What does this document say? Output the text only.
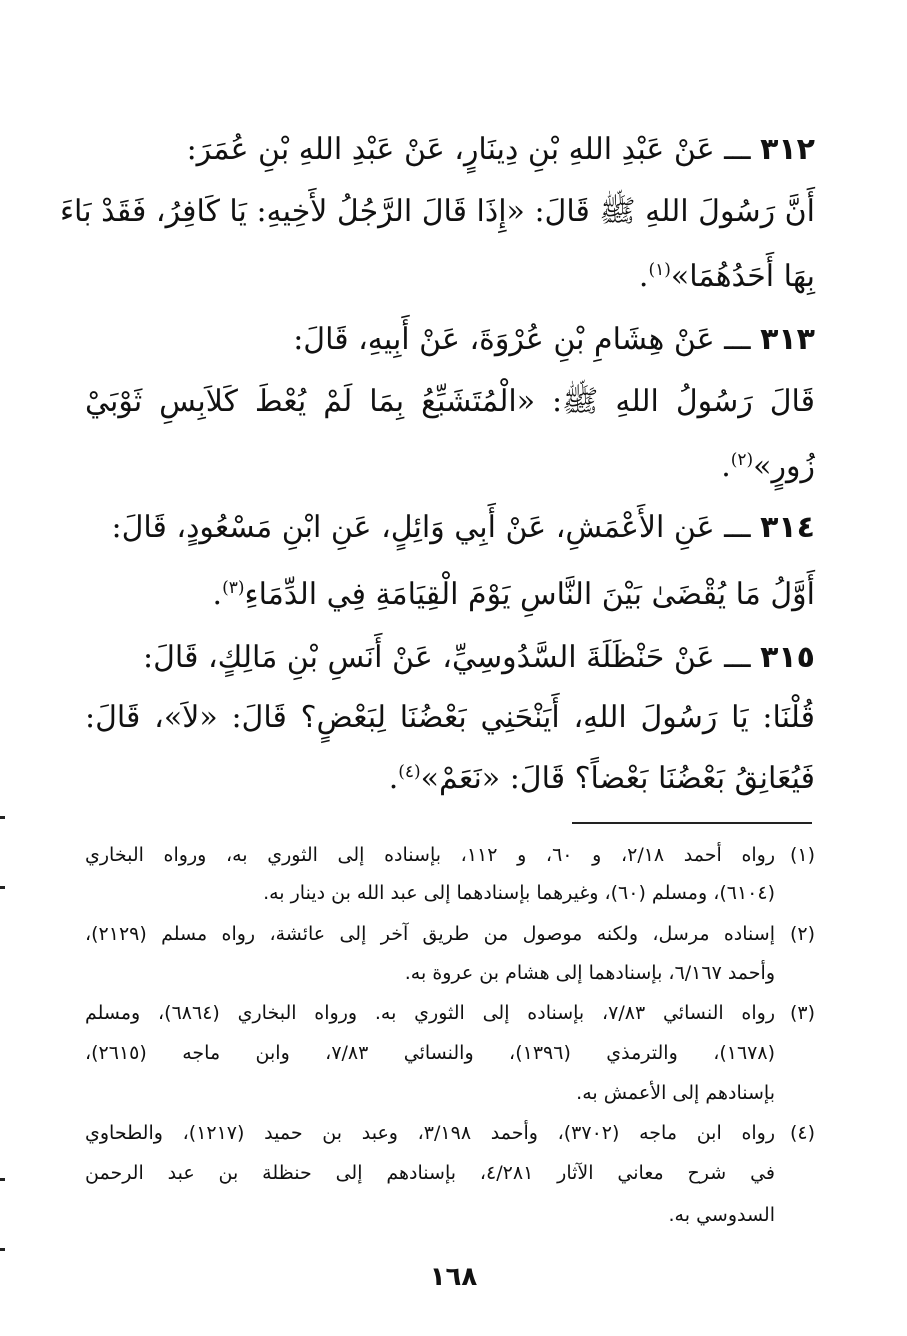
٣١٢ ـــ عَنْ عَبْدِ اللهِ بْنِ دِينَارٍ، عَنْ عَبْدِ اللهِ بْنِ عُمَرَ:
أَنَّ رَسُولَ اللهِ ﷺ قَالَ: «إِذَا قَالَ الرَّجُلُ لأَخِيهِ: يَا كَافِرُ، فَقَدْ بَاءَ
بِهَا أَحَدُهُمَا»$^{(١)}$.
٣١٣ ـــ عَنْ هِشَامِ بْنِ عُرْوَةَ، عَنْ أَبِيهِ، قَالَ:
قَالَ رَسُولُ اللهِ ﷺ: «الْمُتَشَبِّعُ بِمَا لَمْ يُعْطَ كَلاَبِسِ ثَوْبَيْ
زُورٍ»$^{(٢)}$.
٣١٤ ـــ عَنِ الأَعْمَشِ، عَنْ أَبِي وَائِلٍ، عَنِ ابْنِ مَسْعُودٍ، قَالَ:
أَوَّلُ مَا يُقْضَىٰ بَيْنَ النَّاسِ يَوْمَ الْقِيَامَةِ فِي الدِّمَاءِ$^{(٣)}$.
٣١٥ ـــ عَنْ حَنْظَلَةَ السَّدُوسِيِّ، عَنْ أَنَسِ بْنِ مَالِكٍ، قَالَ:
قُلْنَا: يَا رَسُولَ اللهِ، أَيَنْحَنِي بَعْضُنَا لِبَعْضٍ؟ قَالَ: «لاَ»، قَالَ:
فَيُعَانِقُ بَعْضُنَا بَعْضاً؟ قَالَ: «نَعَمْ»$^{(٤)}$.
(١)رواه أحمد ٢/١٨، و ٦٠، و ١١٢، بإسناده إلى الثوري به، ورواه البخاري
(٦١٠٤)، ومسلم (٦٠)، وغيرهما بإسنادهما إلى عبد الله بن دينار به.
(٢)إسناده مرسل، ولكنه موصول من طريق آخر إلى عائشة، رواه مسلم (٢١٢٩)،
وأحمد ٦/١٦٧، بإسنادهما إلى هشام بن عروة به.
(٣)رواه النسائي ٧/٨٣، بإسناده إلى الثوري به. ورواه البخاري (٦٨٦٤)، ومسلم
(١٦٧٨)، والترمذي (١٣٩٦)، والنسائي ٧/٨٣، وابن ماجه (٢٦١٥)،
بإسنادهم إلى الأعمش به.
(٤)رواه ابن ماجه (٣٧٠٢)، وأحمد ٣/١٩٨، وعبد بن حميد (١٢١٧)، والطحاوي
في شرح معاني الآثار ٤/٢٨١، بإسنادهم إلى حنظلة بن عبد الرحمن
السدوسي به.
١٦٨
